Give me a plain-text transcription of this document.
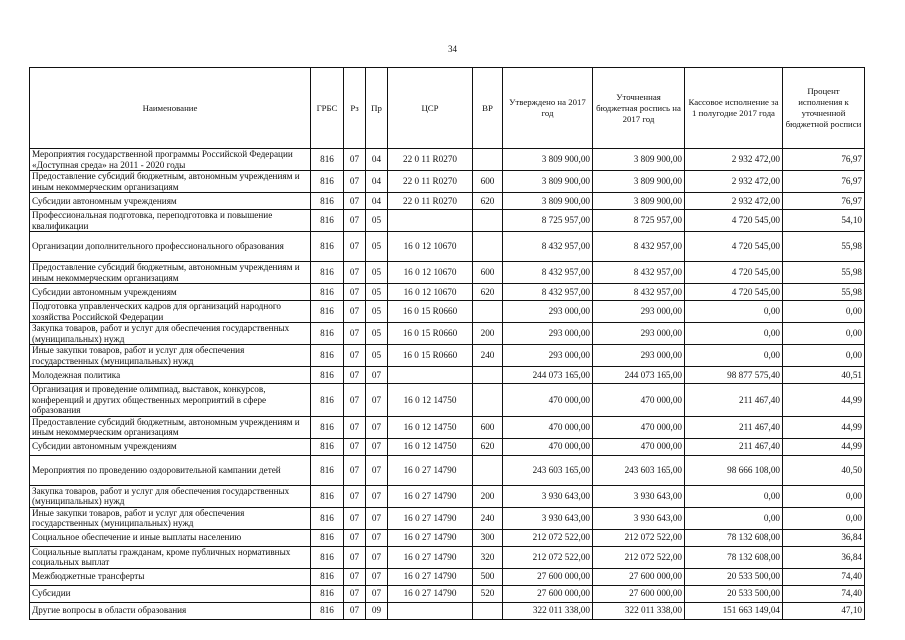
34
Наименование	ГРБС	Рз	Пр	ЦСР	ВР	Утверждено на 2017 год	Уточненная бюджетная роспись на 2017 год	Кассовое исполнение за 1 полугодие 2017 года	Процент исполнения к уточненной бюджетной росписи
Мероприятия государственной программы Российской Федерации «Доступная среда» на 2011 - 2020 годы	816	07	04	22 0 11 R0270		3 809 900,00	3 809 900,00	2 932 472,00	76,97
Предоставление субсидий бюджетным, автономным учреждениям и иным некоммерческим организациям	816	07	04	22 0 11 R0270	600	3 809 900,00	3 809 900,00	2 932 472,00	76,97
Субсидии автономным учреждениям	816	07	04	22 0 11 R0270	620	3 809 900,00	3 809 900,00	2 932 472,00	76,97
Профессиональная подготовка, переподготовка и повышение квалификации	816	07	05			8 725 957,00	8 725 957,00	4 720 545,00	54,10
Организации дополнительного профессионального образования	816	07	05	16 0 12 10670		8 432 957,00	8 432 957,00	4 720 545,00	55,98
Предоставление субсидий бюджетным, автономным учреждениям и иным некоммерческим организациям	816	07	05	16 0 12 10670	600	8 432 957,00	8 432 957,00	4 720 545,00	55,98
Субсидии автономным учреждениям	816	07	05	16 0 12 10670	620	8 432 957,00	8 432 957,00	4 720 545,00	55,98
Подготовка управленческих кадров для организаций народного хозяйства Российской Федерации	816	07	05	16 0 15 R0660		293 000,00	293 000,00	0,00	0,00
Закупка товаров, работ и услуг для обеспечения государственных (муниципальных) нужд	816	07	05	16 0 15 R0660	200	293 000,00	293 000,00	0,00	0,00
Иные закупки товаров, работ и услуг для обеспечения государственных (муниципальных) нужд	816	07	05	16 0 15 R0660	240	293 000,00	293 000,00	0,00	0,00
Молодежная политика	816	07	07			244 073 165,00	244 073 165,00	98 877 575,40	40,51
Организация и проведение олимпиад, выставок, конкурсов, конференций и других общественных мероприятий в сфере образования	816	07	07	16 0 12 14750		470 000,00	470 000,00	211 467,40	44,99
Предоставление субсидий бюджетным, автономным учреждениям и иным некоммерческим организациям	816	07	07	16 0 12 14750	600	470 000,00	470 000,00	211 467,40	44,99
Субсидии автономным учреждениям	816	07	07	16 0 12 14750	620	470 000,00	470 000,00	211 467,40	44,99
Мероприятия по проведению оздоровительной кампании детей	816	07	07	16 0 27 14790		243 603 165,00	243 603 165,00	98 666 108,00	40,50
Закупка товаров, работ и услуг для обеспечения государственных (муниципальных) нужд	816	07	07	16 0 27 14790	200	3 930 643,00	3 930 643,00	0,00	0,00
Иные закупки товаров, работ и услуг для обеспечения государственных (муниципальных) нужд	816	07	07	16 0 27 14790	240	3 930 643,00	3 930 643,00	0,00	0,00
Социальное обеспечение и иные выплаты населению	816	07	07	16 0 27 14790	300	212 072 522,00	212 072 522,00	78 132 608,00	36,84
Социальные выплаты гражданам, кроме публичных нормативных социальных выплат	816	07	07	16 0 27 14790	320	212 072 522,00	212 072 522,00	78 132 608,00	36,84
Межбюджетные трансферты	816	07	07	16 0 27 14790	500	27 600 000,00	27 600 000,00	20 533 500,00	74,40
Субсидии	816	07	07	16 0 27 14790	520	27 600 000,00	27 600 000,00	20 533 500,00	74,40
Другие вопросы в области образования	816	07	09			322 011 338,00	322 011 338,00	151 663 149,04	47,10
